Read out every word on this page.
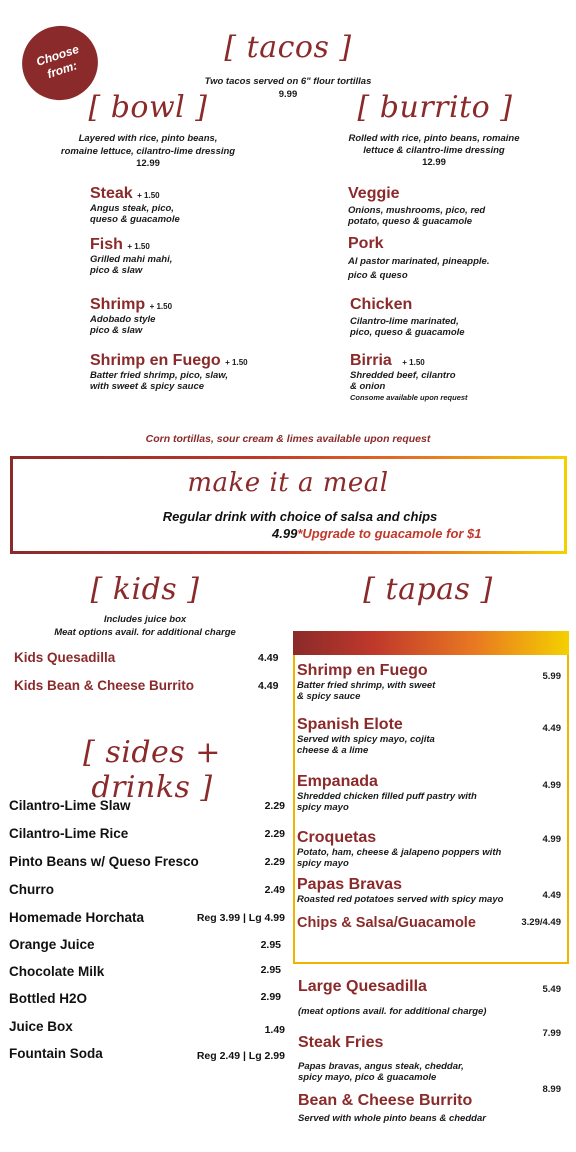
Choose
from:
[ tacos ]
Two tacos served on 6" flour tortillas
9.99
[ bowl ]
Layered with rice, pinto beans,
romaine lettuce, cilantro-lime dressing
12.99
[ burrito ]
Rolled with rice, pinto beans, romaine
lettuce & cilantro-lime dressing
12.99
Steak + 1.50
Angus steak, pico,
queso & guacamole
Fish + 1.50
Grilled mahi mahi,
pico & slaw
Shrimp + 1.50
Adobado style
pico & slaw
Shrimp en Fuego + 1.50
Batter fried shrimp, pico, slaw,
with sweet & spicy sauce
Veggie
Onions, mushrooms, pico, red
potato, queso & guacamole
Pork
Al pastor marinated, pineapple.
pico & queso
Chicken
Cilantro-lime marinated,
pico, queso & guacamole
Birria + 1.50
Shredded beef, cilantro
& onion
Consome available upon request
Corn tortillas, sour cream & limes available upon request
make it a meal
Regular drink with choice of salsa and chips
4.99*Upgrade to guacamole for $1
[ kids ]
Includes juice box
Meat options avail. for additional charge
Kids Quesadilla	4.49
Kids Bean & Cheese Burrito	4.49
[ sides + drinks ]
Cilantro-Lime Slaw	2.29
Cilantro-Lime Rice	2.29
Pinto Beans w/ Queso Fresco	2.29
Churro	2.49
Homemade Horchata	Reg 3.99 | Lg 4.99
Orange Juice	2.95
Chocolate Milk	2.95
Bottled H2O	2.99
Juice Box	1.49
Fountain Soda	Reg 2.49 | Lg 2.99
[ tapas ]
Shrimp en Fuego	5.99
Batter fried shrimp, with sweet
& spicy sauce
Spanish Elote	4.49
Served with spicy mayo, cojita
cheese & a lime
Empanada	4.99
Shredded chicken filled puff pastry with
spicy mayo
Croquetas	4.99
Potato, ham, cheese & jalapeno poppers with
spicy mayo
Papas Bravas
4.49
Roasted red potatoes served with spicy mayo
Chips & Salsa/Guacamole	3.29/4.49
Large Quesadilla	5.49
(meat options avail. for additional charge)
Steak Fries
7.99
Papas bravas, angus steak, cheddar,
spicy mayo, pico & guacamole
Bean & Cheese Burrito
8.99
Served with whole pinto beans & cheddar
